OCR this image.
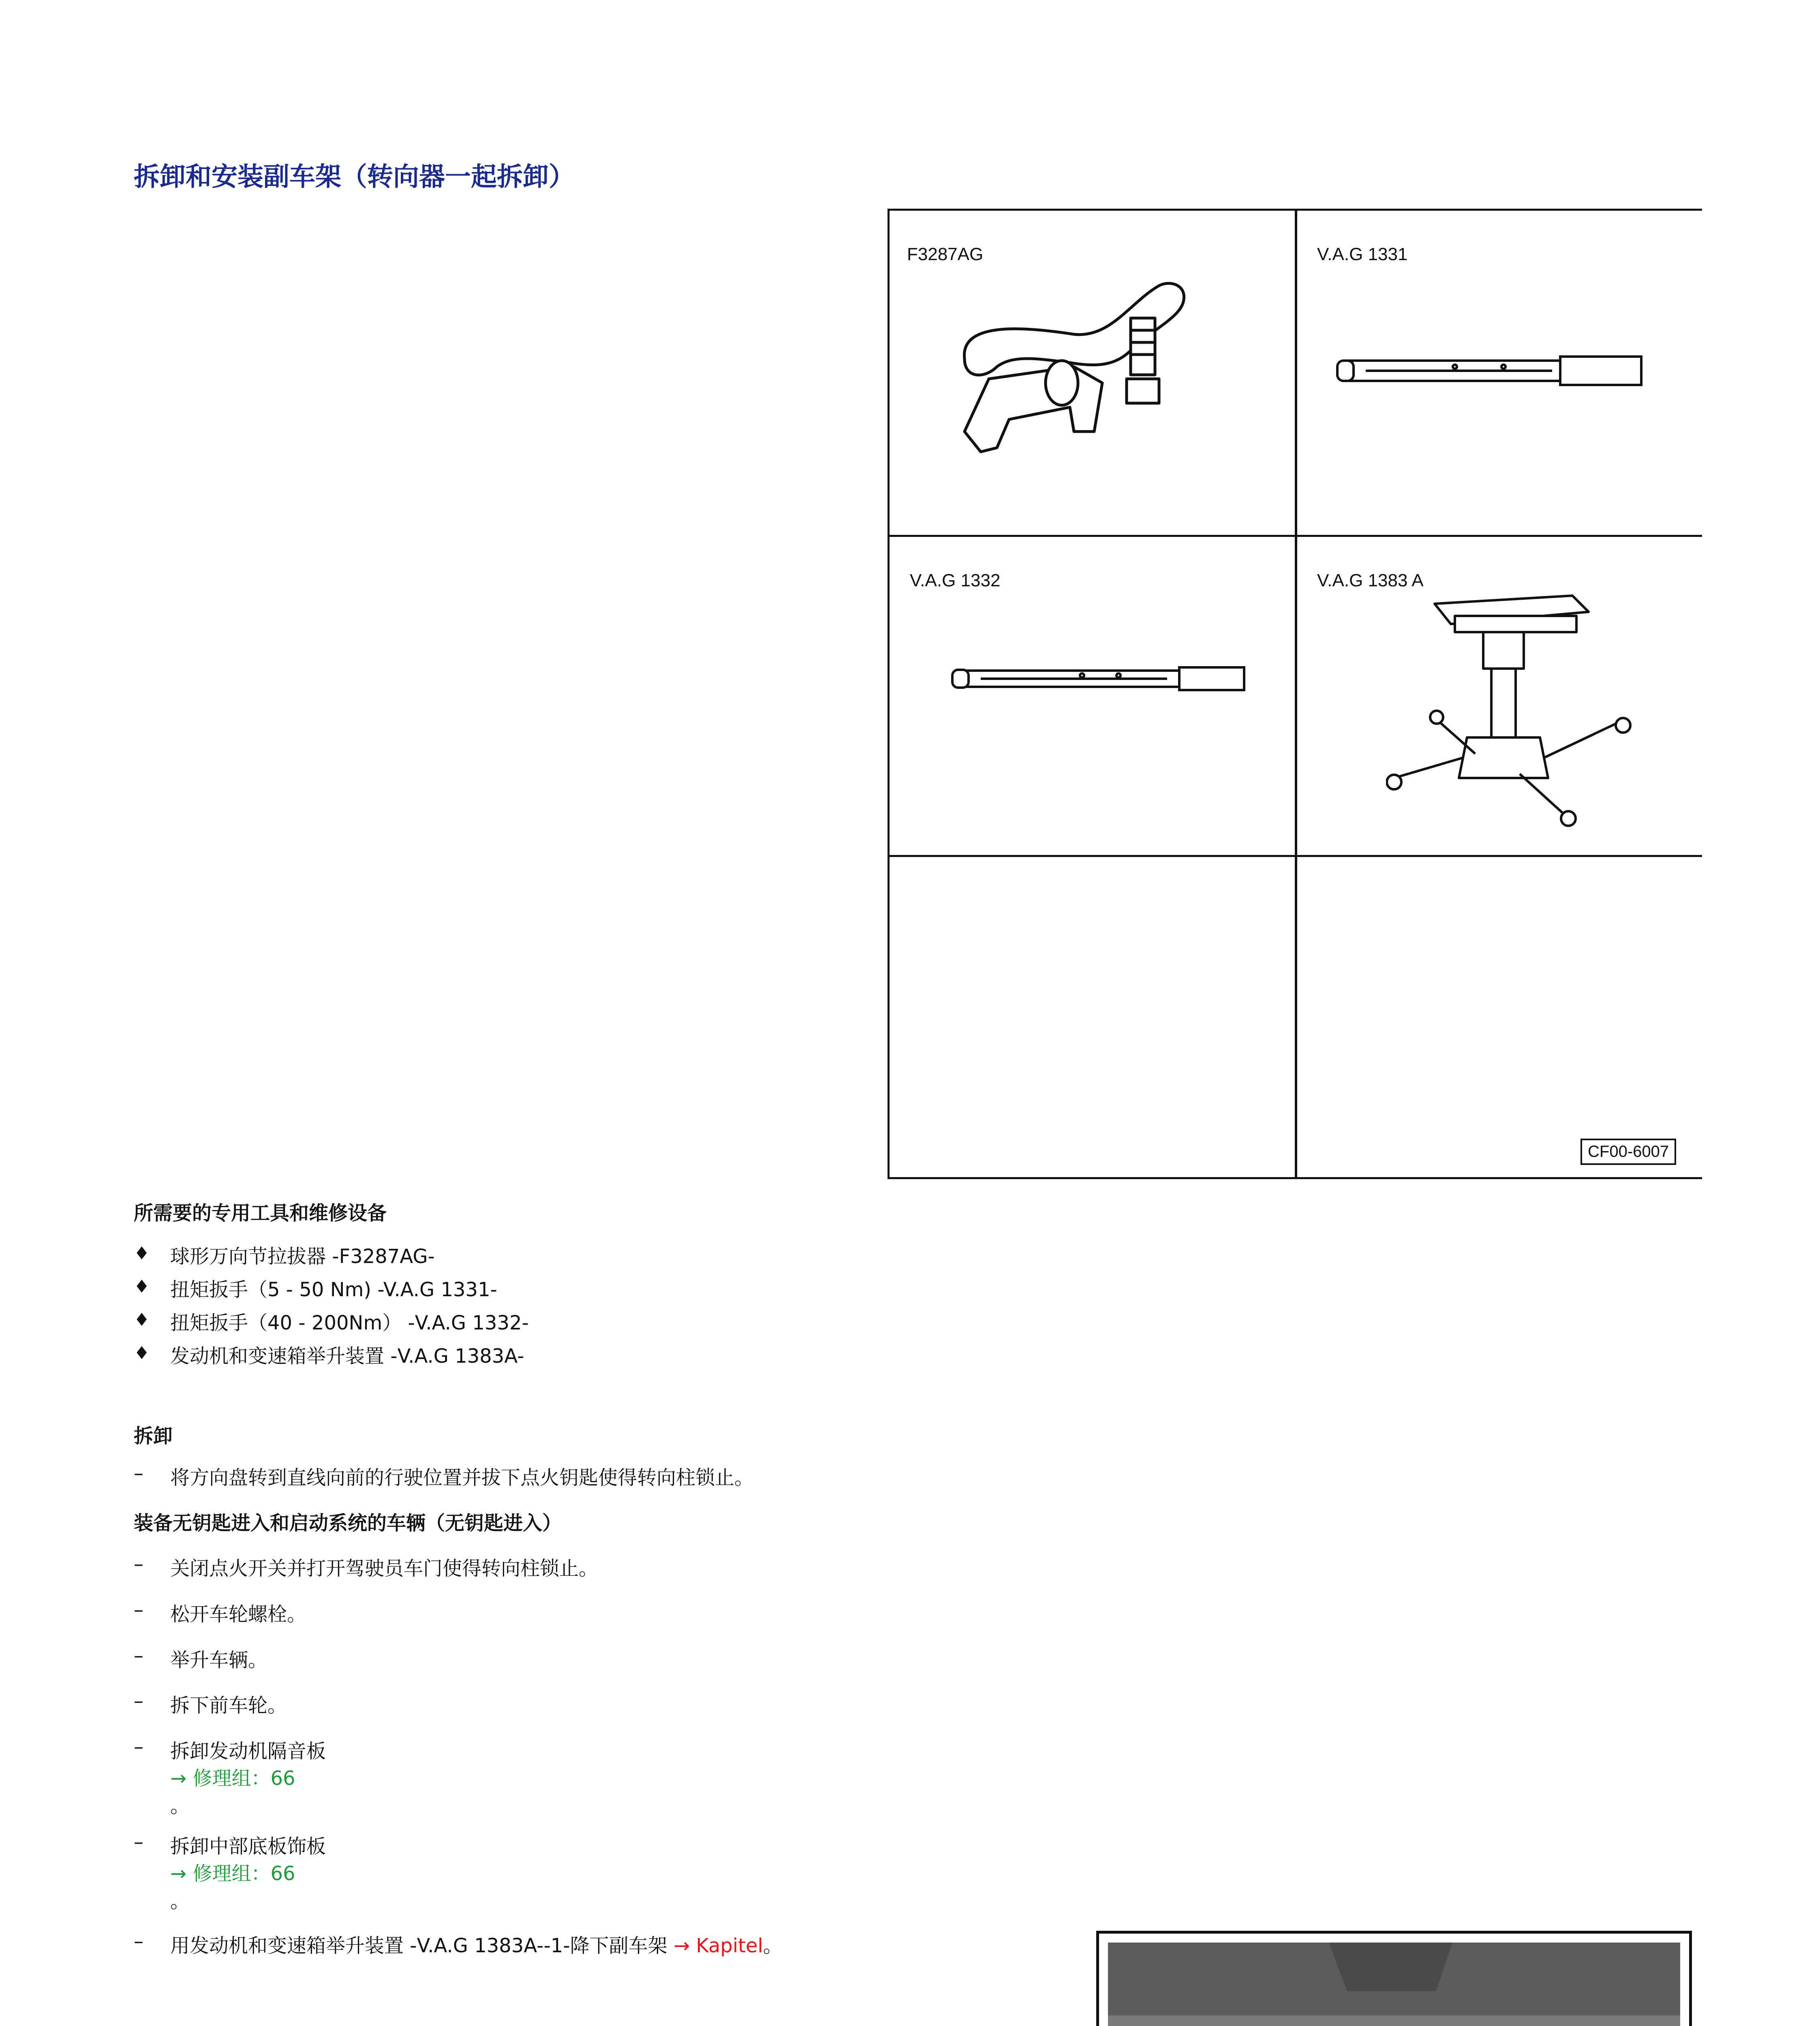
拆卸和安装副车架（转向器一起拆卸）
F3287AG	V.A.G 1331
V.A.G 1332	V.A.G 1383 A
CF00-6007
所需要的专用工具和维修设备
♦ 球形万向节拉拔器 -F3287AG-
♦ 扭矩扳手（5 - 50 Nm) -V.A.G 1331-
♦ 扭矩扳手（40 - 200Nm） -V.A.G 1332-
♦ 发动机和变速箱举升装置 -V.A.G 1383A-
拆卸
– 将方向盘转到直线向前的行驶位置并拔下点火钥匙使得转向柱锁止。
装备无钥匙进入和启动系统的车辆（无钥匙进入）
– 关闭点火开关并打开驾驶员车门使得转向柱锁止。
– 松开车轮螺栓。
– 举升车辆。
– 拆下前车轮。
– 拆卸发动机隔音板
→ 修理组：66
。
– 拆卸中部底板饰板
→ 修理组：66
。
– 用发动机和变速箱举升装置 -V.A.G 1383A--1-降下副车架 → Kapitel。
